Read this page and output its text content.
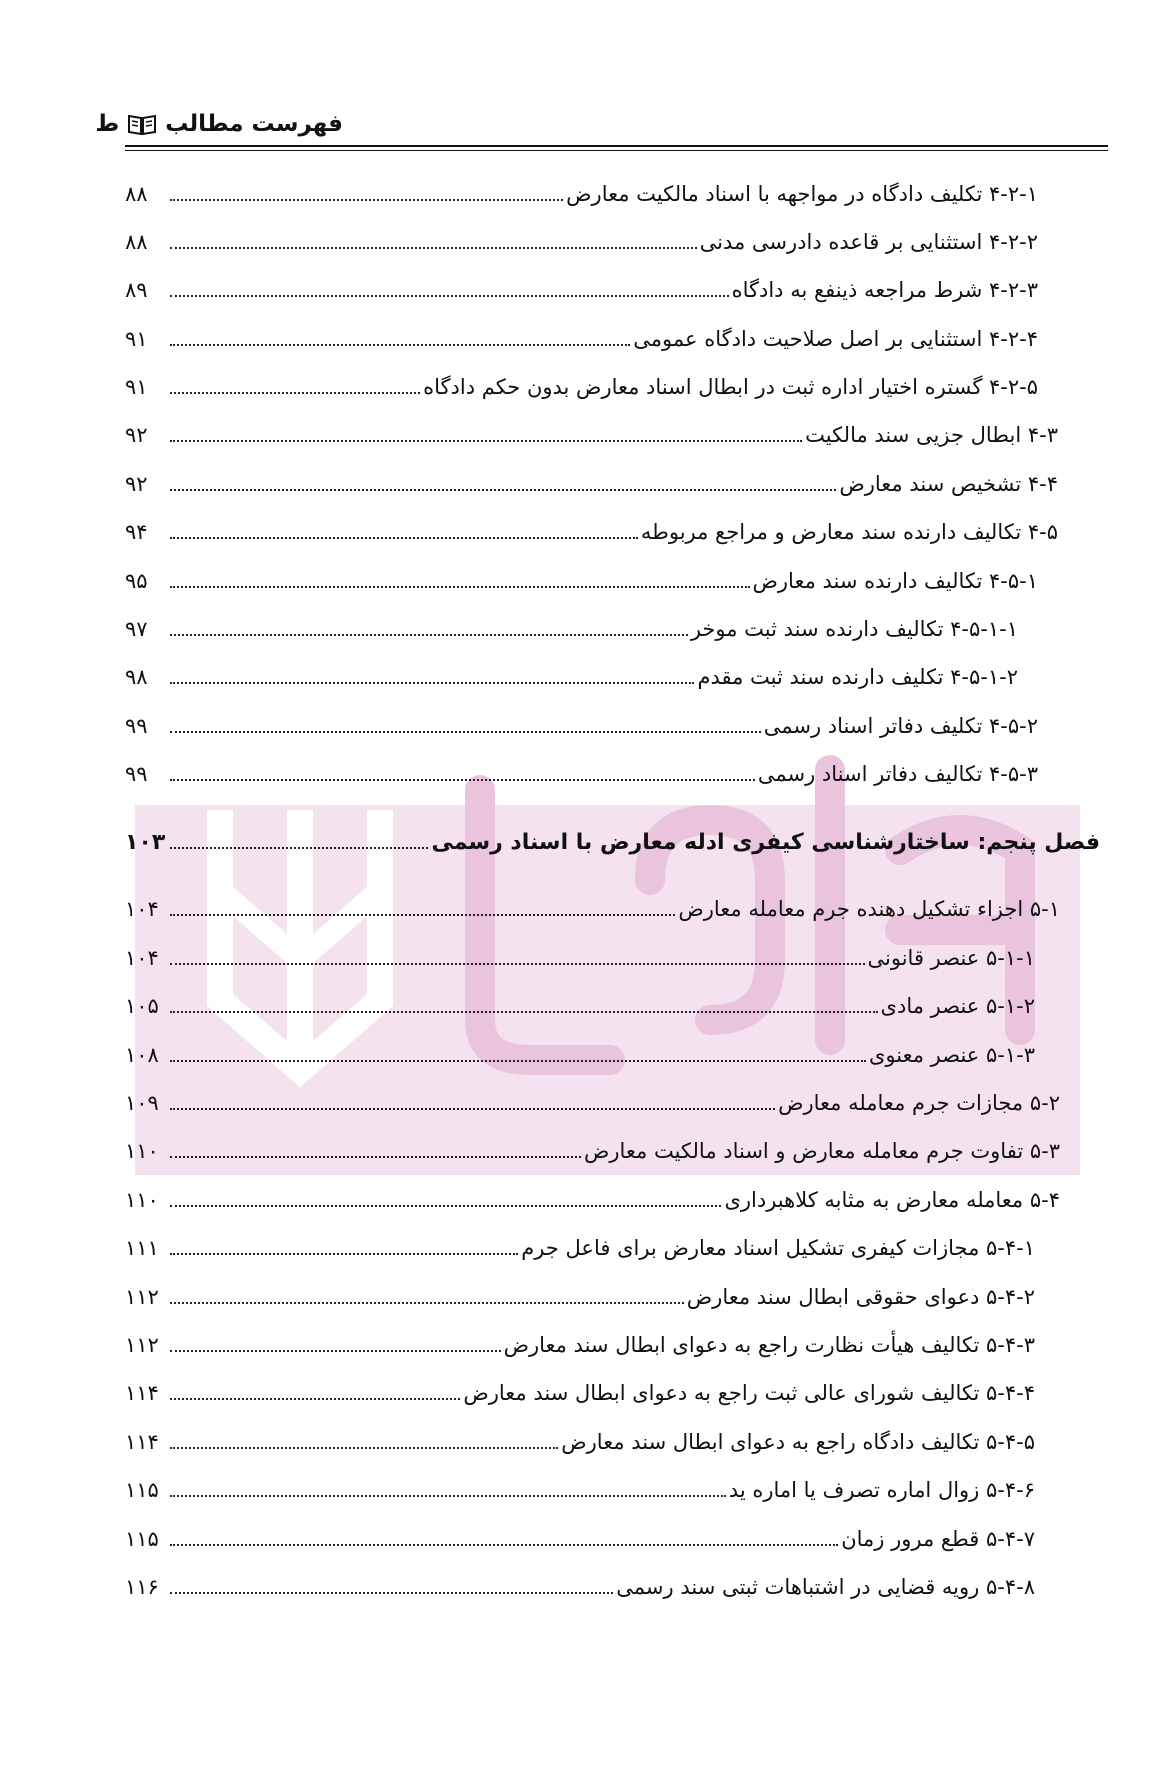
فهرست مطالب
ط
۴-۲-۱ تکلیف دادگاه در مواجهه با اسناد مالکیت معارض
۸۸
۴-۲-۲ استثنایی بر قاعده دادرسی مدنی
۸۸
۴-۲-۳ شرط مراجعه ذینفع به دادگاه
۸۹
۴-۲-۴ استثنایی بر اصل صلاحیت دادگاه عمومی
۹۱
۴-۲-۵ گستره اختیار اداره ثبت در ابطال اسناد معارض بدون حکم دادگاه
۹۱
۴-۳ ابطال جزیی سند مالکیت
۹۲
۴-۴ تشخیص سند معارض
۹۲
۴-۵ تکالیف دارنده سند معارض و مراجع مربوطه
۹۴
۴-۵-۱ تکالیف دارنده سند معارض
۹۵
۴-۵-۱-۱ تکالیف دارنده سند ثبت موخر
۹۷
۴-۵-۱-۲ تکلیف دارنده سند ثبت مقدم
۹۸
۴-۵-۲ تکلیف دفاتر اسناد رسمی
۹۹
۴-۵-۳ تکالیف دفاتر اسناد رسمی
۹۹
فصل پنجم: ساختارشناسی کیفری ادله معارض با اسناد رسمی
۱۰۳
۵-۱ اجزاء تشکیل دهنده جرم معامله معارض
۱۰۴
۵-۱-۱ عنصر قانونی
۱۰۴
۵-۱-۲ عنصر مادی
۱۰۵
۵-۱-۳ عنصر معنوی
۱۰۸
۵-۲ مجازات جرم معامله معارض
۱۰۹
۵-۳ تفاوت جرم معامله معارض و اسناد مالکیت معارض
۱۱۰
۵-۴ معامله معارض به مثابه کلاهبرداری
۱۱۰
۵-۴-۱ مجازات کیفری تشکیل اسناد معارض برای فاعل جرم
۱۱۱
۵-۴-۲ دعوای حقوقی ابطال سند معارض
۱۱۲
۵-۴-۳ تکالیف هیأت نظارت راجع به دعوای ابطال سند معارض
۱۱۲
۵-۴-۴ تکالیف شورای عالی ثبت راجع به دعوای ابطال سند معارض
۱۱۴
۵-۴-۵ تکالیف دادگاه راجع به دعوای ابطال سند معارض
۱۱۴
۵-۴-۶ زوال اماره تصرف یا اماره ید
۱۱۵
۵-۴-۷ قطع مرور زمان
۱۱۵
۵-۴-۸ رویه قضایی در اشتباهات ثبتی سند رسمی
۱۱۶
